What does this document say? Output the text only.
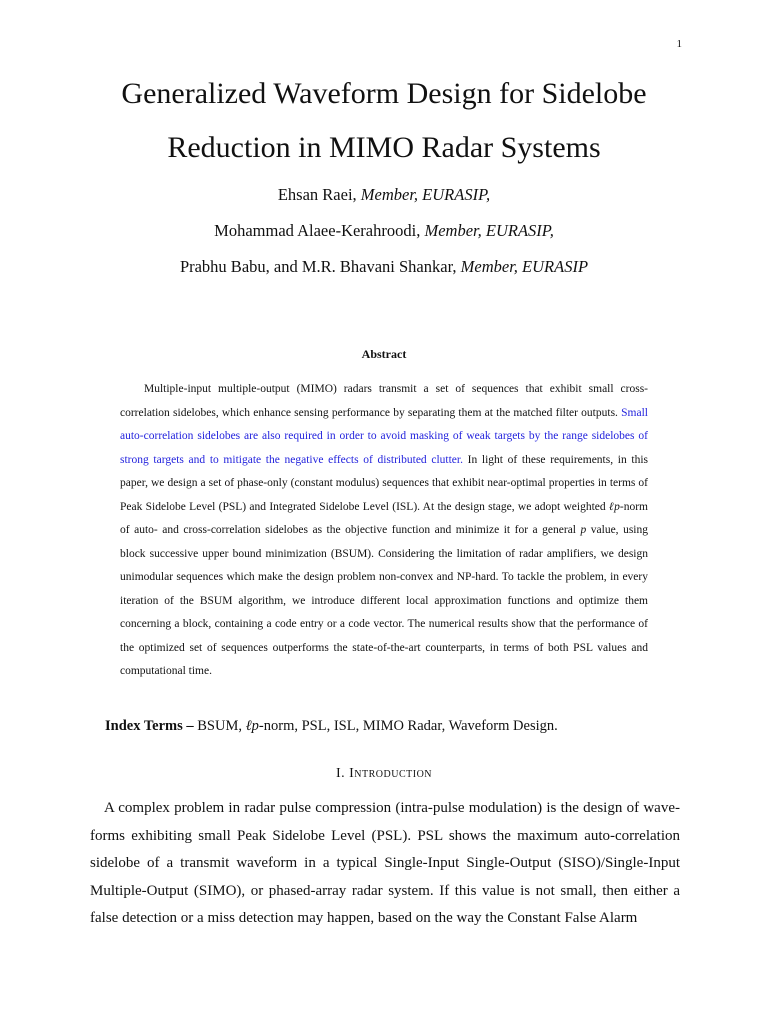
1
Generalized Waveform Design for Sidelobe
Reduction in MIMO Radar Systems
Ehsan Raei, Member, EURASIP,
Mohammad Alaee-Kerahroodi, Member, EURASIP,
Prabhu Babu, and M.R. Bhavani Shankar, Member, EURASIP
Abstract
Multiple-input multiple-output (MIMO) radars transmit a set of sequences that exhibit small cross-correlation sidelobes, which enhance sensing performance by separating them at the matched filter outputs. Small auto-correlation sidelobes are also required in order to avoid masking of weak targets by the range sidelobes of strong targets and to mitigate the negative effects of distributed clutter. In light of these requirements, in this paper, we design a set of phase-only (constant modulus) sequences that exhibit near-optimal properties in terms of Peak Sidelobe Level (PSL) and Integrated Sidelobe Level (ISL). At the design stage, we adopt weighted ℓp-norm of auto- and cross-correlation sidelobes as the objective function and minimize it for a general p value, using block successive upper bound minimization (BSUM). Considering the limitation of radar amplifiers, we design unimodular sequences which make the design problem non-convex and NP-hard. To tackle the problem, in every iteration of the BSUM algorithm, we introduce different local approximation functions and optimize them concerning a block, containing a code entry or a code vector. The numerical results show that the performance of the optimized set of sequences outperforms the state-of-the-art counterparts, in terms of both PSL values and computational time.
Index Terms – BSUM, ℓp-norm, PSL, ISL, MIMO Radar, Waveform Design.
I. Introduction
A complex problem in radar pulse compression (intra-pulse modulation) is the design of wave-forms exhibiting small Peak Sidelobe Level (PSL). PSL shows the maximum auto-correlation sidelobe of a transmit waveform in a typical Single-Input Single-Output (SISO)/Single-Input Multiple-Output (SIMO), or phased-array radar system. If this value is not small, then either a false detection or a miss detection may happen, based on the way the Constant False Alarm
